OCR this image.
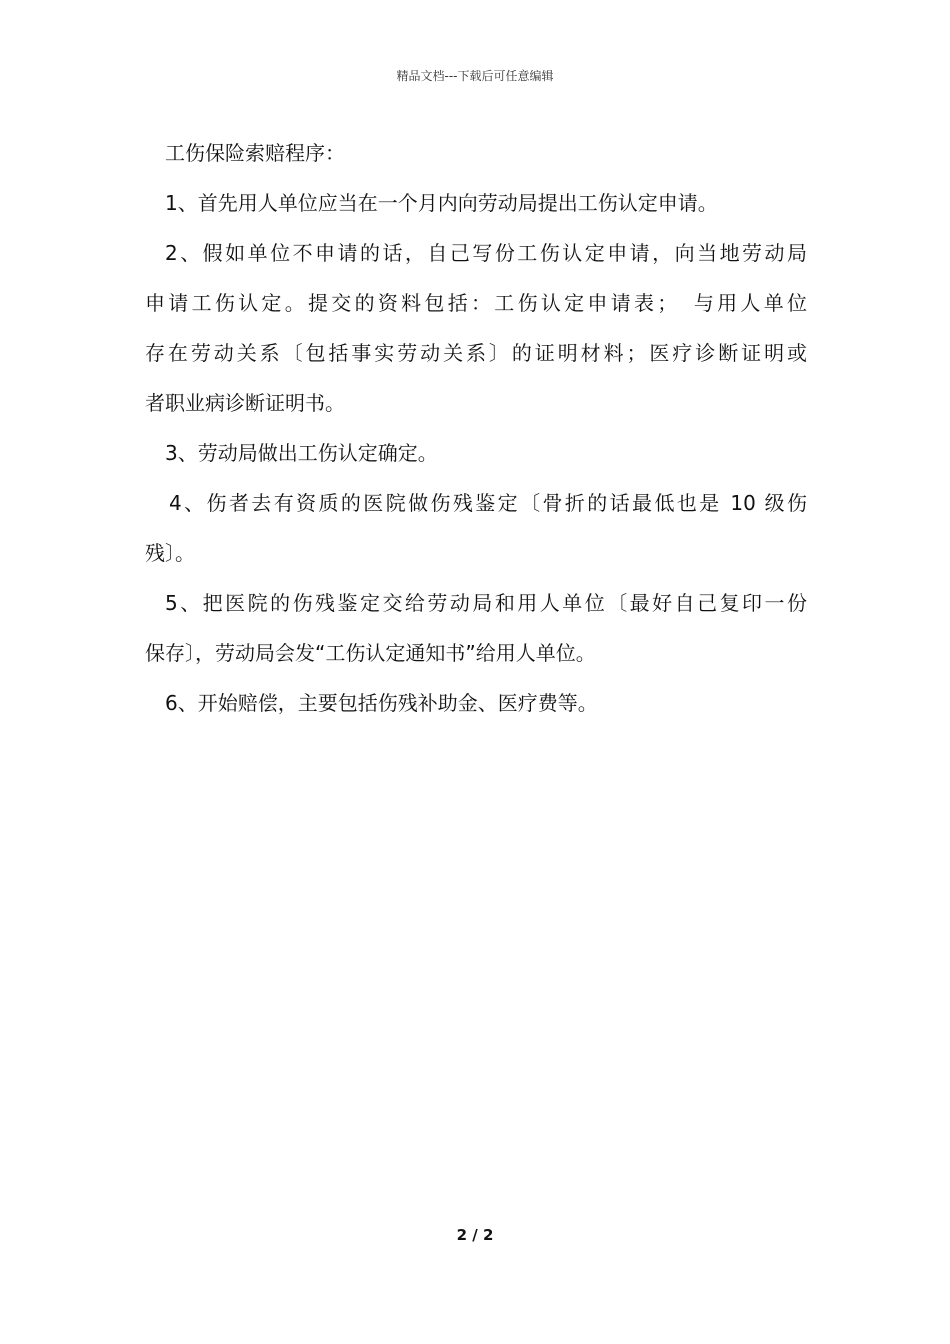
精品文档---下载后可任意编辑
工伤保险索赔程序：
1、首先用人单位应当在一个月内向劳动局提出工伤认定申请。
2、假如单位不申请的话，自己写份工伤认定申请，向当地劳动局
申请工伤认定。提交的资料包括：工伤认定申请表；　与用人单位
存在劳动关系〔包括事实劳动关系〕的证明材料；医疗诊断证明或
者职业病诊断证明书。
3、劳动局做出工伤认定确定。
4、伤者去有资质的医院做伤残鉴定〔骨折的话最低也是 10 级伤
残〕。
5、把医院的伤残鉴定交给劳动局和用人单位〔最好自己复印一份
保存〕，劳动局会发“工伤认定通知书”给用人单位。
6、开始赔偿，主要包括伤残补助金、医疗费等。
2 / 2
